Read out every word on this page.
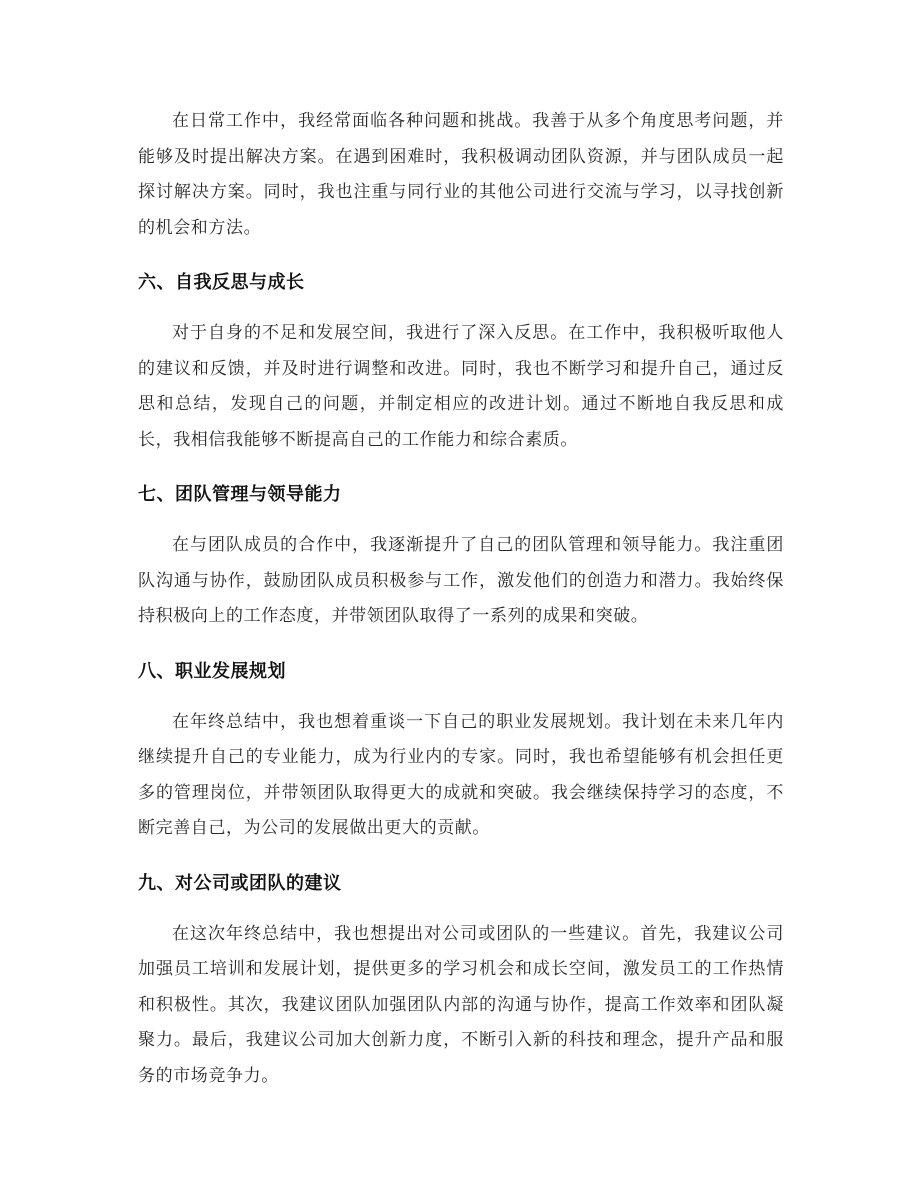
在日常工作中，我经常面临各种问题和挑战。我善于从多个角度思考问题，并能够及时提出解决方案。在遇到困难时，我积极调动团队资源，并与团队成员一起探讨解决方案。同时，我也注重与同行业的其他公司进行交流与学习，以寻找创新的机会和方法。

六、自我反思与成长

对于自身的不足和发展空间，我进行了深入反思。在工作中，我积极听取他人的建议和反馈，并及时进行调整和改进。同时，我也不断学习和提升自己，通过反思和总结，发现自己的问题，并制定相应的改进计划。通过不断地自我反思和成长，我相信我能够不断提高自己的工作能力和综合素质。

七、团队管理与领导能力

在与团队成员的合作中，我逐渐提升了自己的团队管理和领导能力。我注重团队沟通与协作，鼓励团队成员积极参与工作，激发他们的创造力和潜力。我始终保持积极向上的工作态度，并带领团队取得了一系列的成果和突破。

八、职业发展规划

在年终总结中，我也想着重谈一下自己的职业发展规划。我计划在未来几年内继续提升自己的专业能力，成为行业内的专家。同时，我也希望能够有机会担任更多的管理岗位，并带领团队取得更大的成就和突破。我会继续保持学习的态度，不断完善自己，为公司的发展做出更大的贡献。

九、对公司或团队的建议

在这次年终总结中，我也想提出对公司或团队的一些建议。首先，我建议公司加强员工培训和发展计划，提供更多的学习机会和成长空间，激发员工的工作热情和积极性。其次，我建议团队加强团队内部的沟通与协作，提高工作效率和团队凝聚力。最后，我建议公司加大创新力度，不断引入新的科技和理念，提升产品和服务的市场竞争力。
